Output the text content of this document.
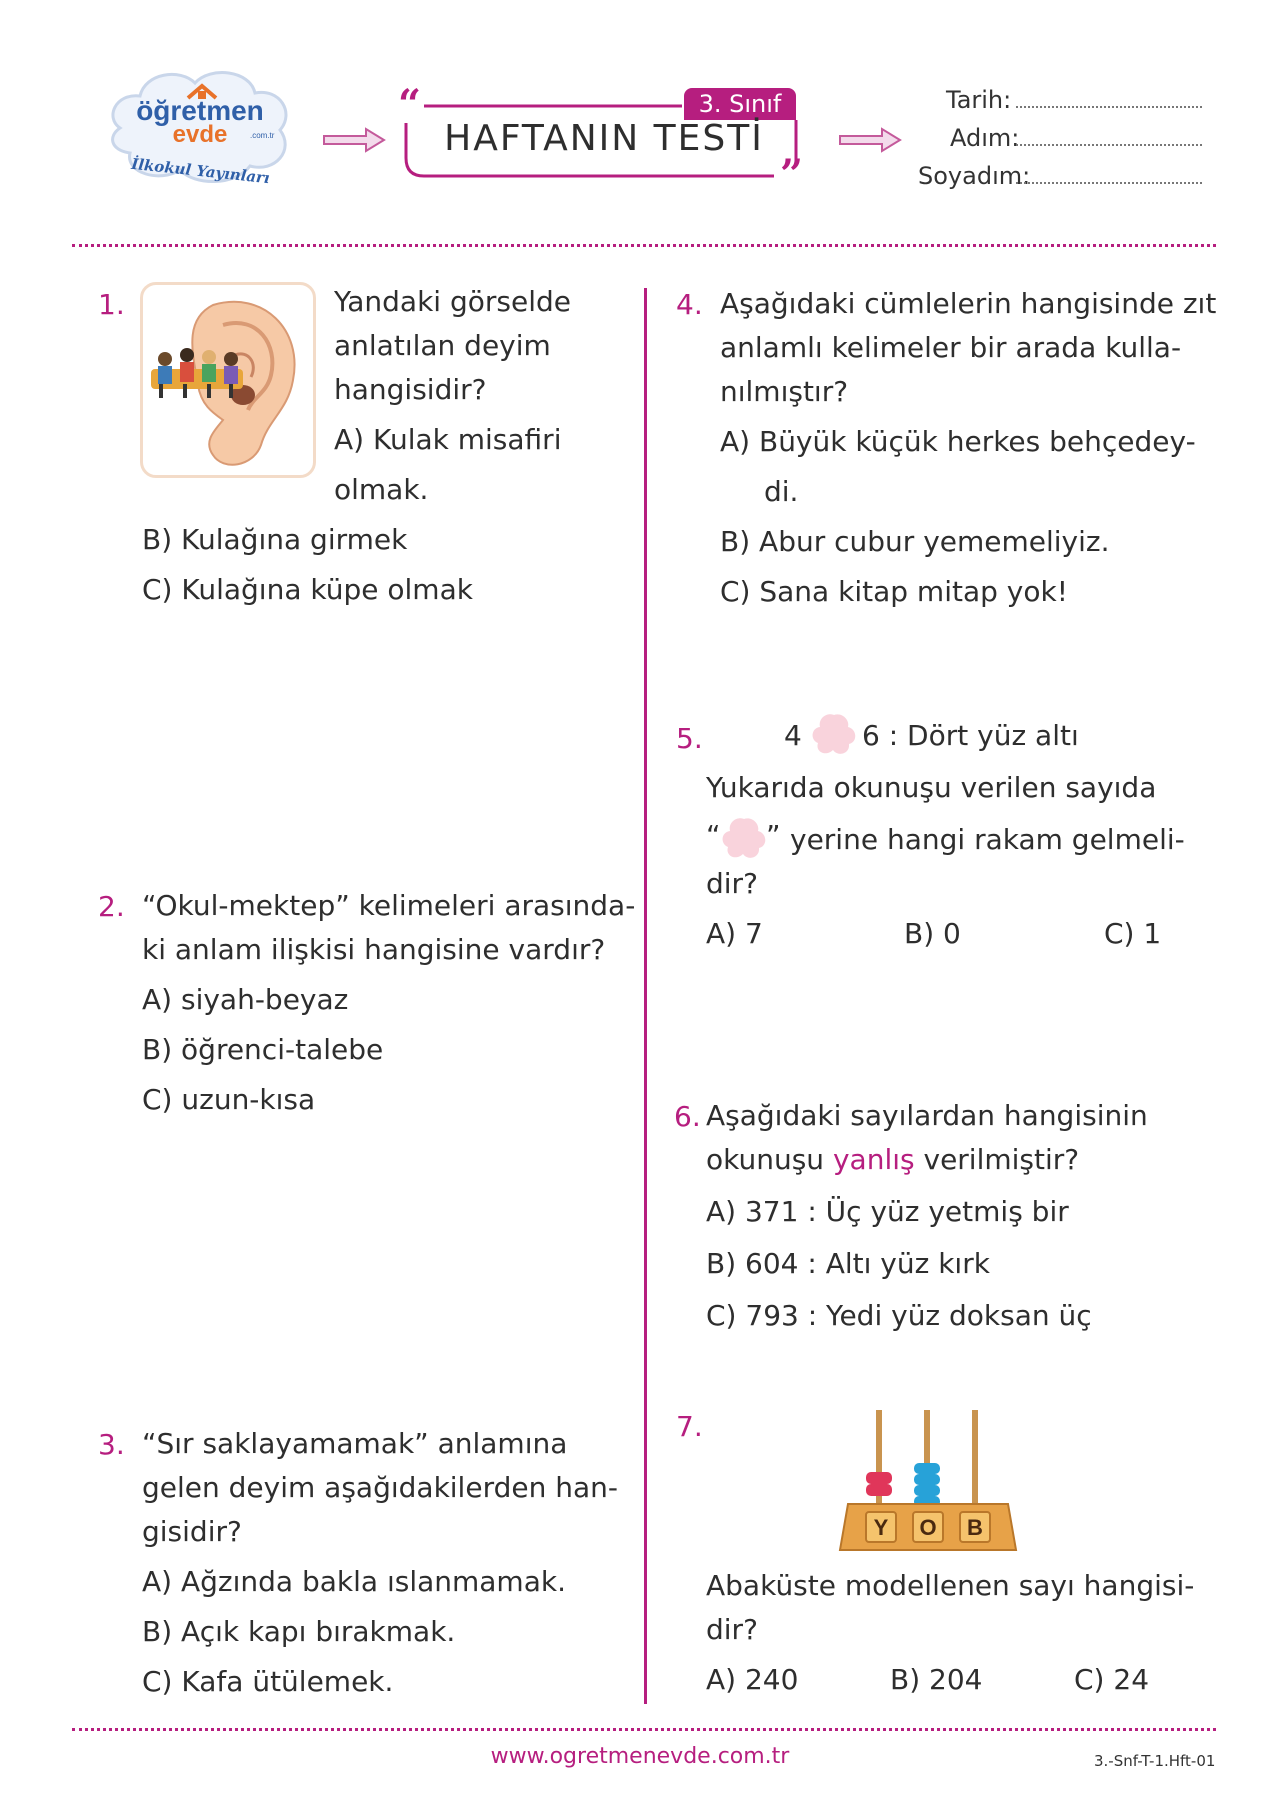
öğretmen
evde	.com.tr
İlkokul Yayınları
“
”
3. Sınıf
HAFTANIN TESTİ
Tarih:
Adım:
Soyadım:
1.	Yandaki görselde
anlatılan deyim
hangisidir?
A) Kulak misafiri
olmak.
B) Kulağına girmek
C) Kulağına küpe olmak
2. “Okul-mektep” kelimeleri arasında-
ki anlam ilişkisi hangisine vardır?
A) siyah-beyaz
B) öğrenci-talebe
C) uzun-kısa
3. “Sır saklayamamak” anlamına
gelen deyim aşağıdakilerden han-
gisidir?
A) Ağzında bakla ıslanmamak.
B) Açık kapı bırakmak.
C) Kafa ütülemek.
4. Aşağıdaki cümlelerin hangisinde zıt
anlamlı kelimeler bir arada kulla-
nılmıştır?
A) Büyük küçük herkes behçedey-
di.
B) Abur cubur yememeliyiz.
C) Sana kitap mitap yok!
5.	4 6 : Dört yüz altı
Yukarıda okunuşu verilen sayıda
“ ” yerine hangi rakam gelmeli-
dir?
A) 7	B) 0	C) 1
6. Aşağıdaki sayılardan hangisinin
okunuşu yanlış verilmiştir?
A) 371 : Üç yüz yetmiş bir
B) 604 : Altı yüz kırk
C) 793 : Yedi yüz doksan üç
7.
Y O B
Abaküste modellenen sayı hangisi-
dir?
A) 240	B) 204	C) 24
www.ogretmenevde.com.tr	3.-Snf-T-1.Hft-01
